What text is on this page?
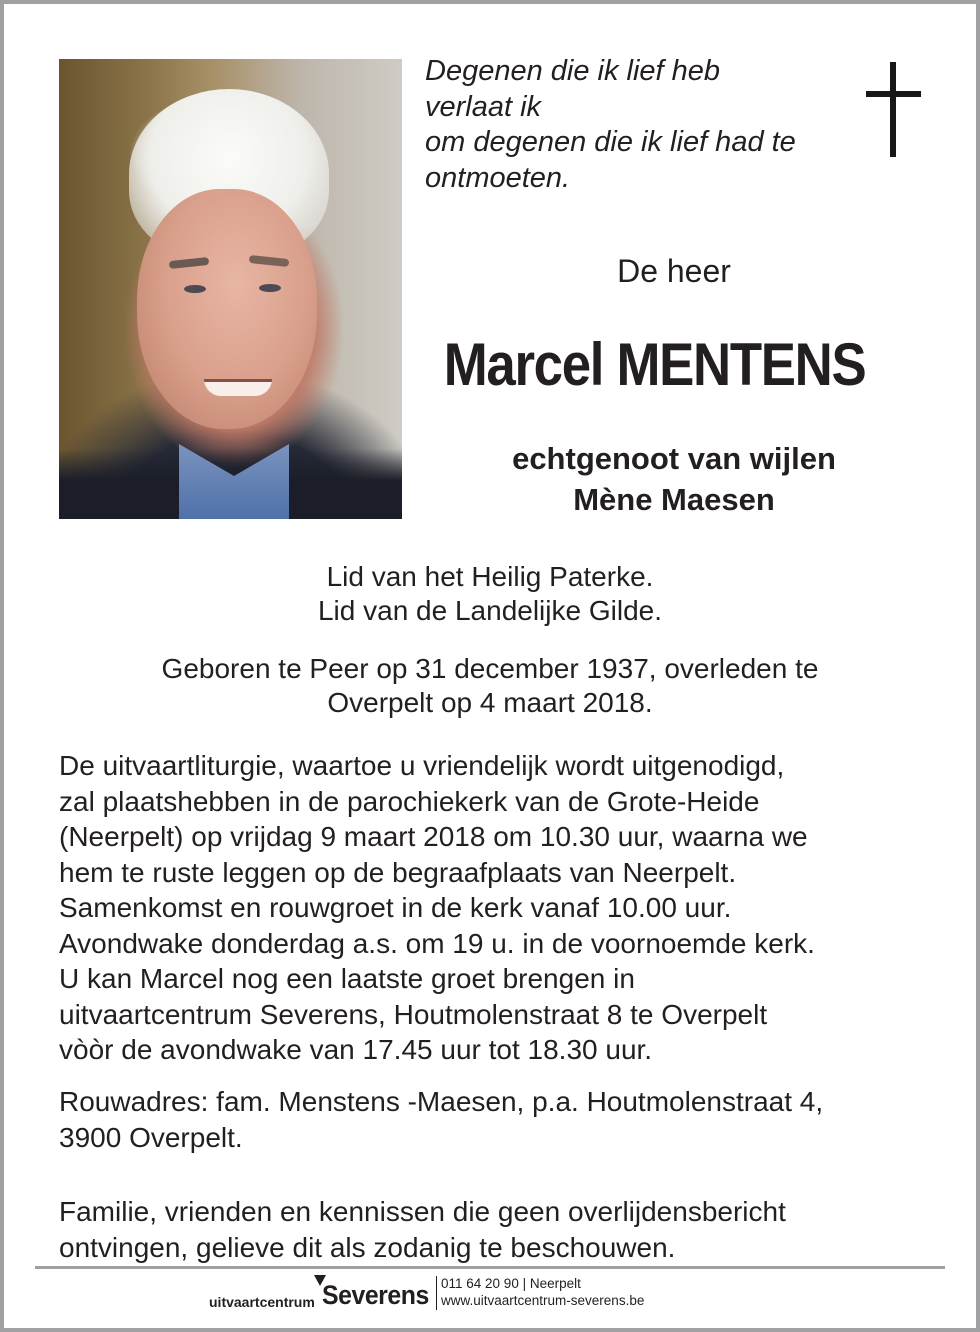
Degenen die ik lief heb
verlaat ik
om degenen die ik lief had te
ontmoeten.
De heer
Marcel MENTENS
echtgenoot van wijlen
Mène Maesen
Lid van het Heilig Paterke.
Lid van de Landelijke Gilde.
Geboren te Peer op 31 december 1937, overleden te
Overpelt op 4 maart 2018.
De uitvaartliturgie, waartoe u vriendelijk wordt uitgenodigd,
zal plaatshebben in de parochiekerk van de Grote-Heide
(Neerpelt) op vrijdag 9 maart 2018 om 10.30 uur, waarna we
hem te ruste leggen op de begraafplaats van Neerpelt.
Samenkomst en rouwgroet in de kerk vanaf 10.00 uur.
Avondwake donderdag a.s. om 19 u. in de voornoemde kerk.
U kan Marcel nog een laatste groet brengen in
uitvaartcentrum Severens, Houtmolenstraat 8 te Overpelt
vòòr de avondwake van 17.45 uur tot 18.30 uur.
Rouwadres: fam. Menstens -Maesen, p.a. Houtmolenstraat 4,
3900 Overpelt.
Familie, vrienden en kennissen die geen overlijdensbericht
ontvingen, gelieve dit als zodanig te beschouwen.
uitvaartcentrum Severens 011 64 20 90 | Neerpelt
www.uitvaartcentrum-severens.be
